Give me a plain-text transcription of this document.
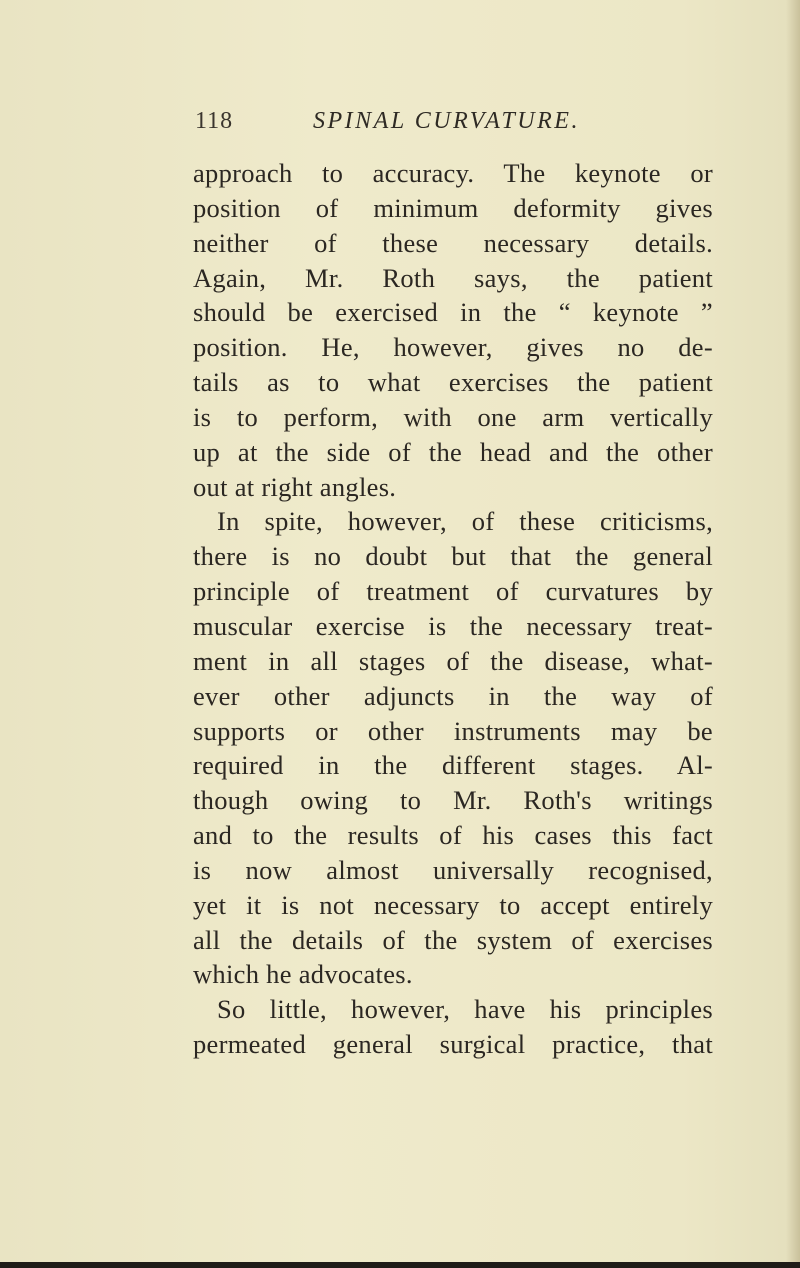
118	SPINAL CURVATURE.
approach to accuracy. The keynote or
position of minimum deformity gives
neither of these necessary details.
Again, Mr. Roth says, the patient
should be exercised in the “ keynote ”
position. He, however, gives no de-
tails as to what exercises the patient
is to perform, with one arm vertically
up at the side of the head and the other
out at right angles.
In spite, however, of these criticisms,
there is no doubt but that the general
principle of treatment of curvatures by
muscular exercise is the necessary treat-
ment in all stages of the disease, what-
ever other adjuncts in the way of
supports or other instruments may be
required in the different stages. Al-
though owing to Mr. Roth's writings
and to the results of his cases this fact
is now almost universally recognised,
yet it is not necessary to accept entirely
all the details of the system of exercises
which he advocates.
So little, however, have his principles
permeated general surgical practice, that
